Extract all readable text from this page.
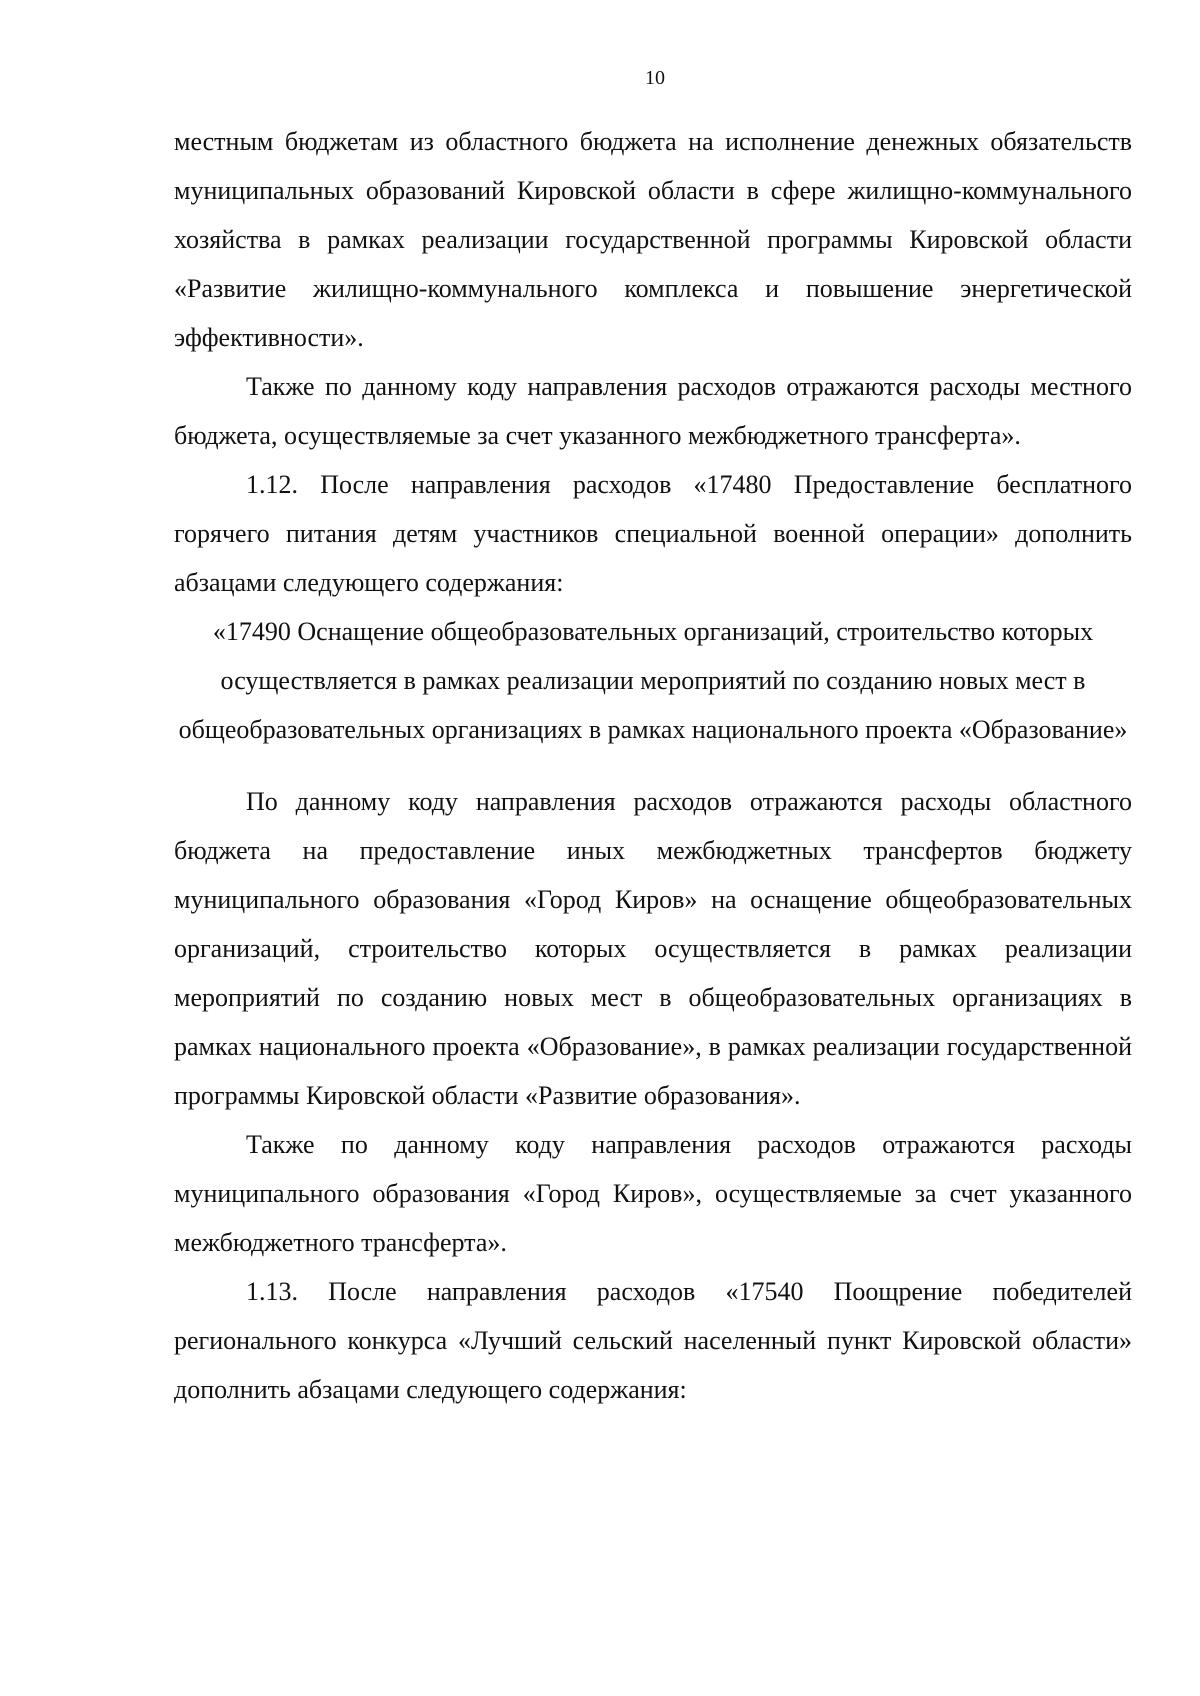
10

местным бюджетам из областного бюджета на исполнение денежных обязательств муниципальных образований Кировской области в сфере жилищно-коммунального хозяйства в рамках реализации государственной программы Кировской области «Развитие жилищно-коммунального комплекса и повышение энергетической эффективности».

Также по данному коду направления расходов отражаются расходы местного бюджета, осуществляемые за счет указанного межбюджетного трансферта».

1.12. После направления расходов «17480 Предоставление бесплатного горячего питания детям участников специальной военной операции» дополнить абзацами следующего содержания:

«17490 Оснащение общеобразовательных организаций, строительство которых осуществляется в рамках реализации мероприятий по созданию новых мест в общеобразовательных организациях в рамках национального проекта «Образование»

По данному коду направления расходов отражаются расходы областного бюджета на предоставление иных межбюджетных трансфертов бюджету муниципального образования «Город Киров» на оснащение общеобразовательных организаций, строительство которых осуществляется в рамках реализации мероприятий по созданию новых мест в общеобразовательных организациях в рамках национального проекта «Образование», в рамках реализации государственной программы Кировской области «Развитие образования».

Также по данному коду направления расходов отражаются расходы муниципального образования «Город Киров», осуществляемые за счет указанного межбюджетного трансферта».

1.13. После направления расходов «17540 Поощрение победителей регионального конкурса «Лучший сельский населенный пункт Кировской области» дополнить абзацами следующего содержания:
